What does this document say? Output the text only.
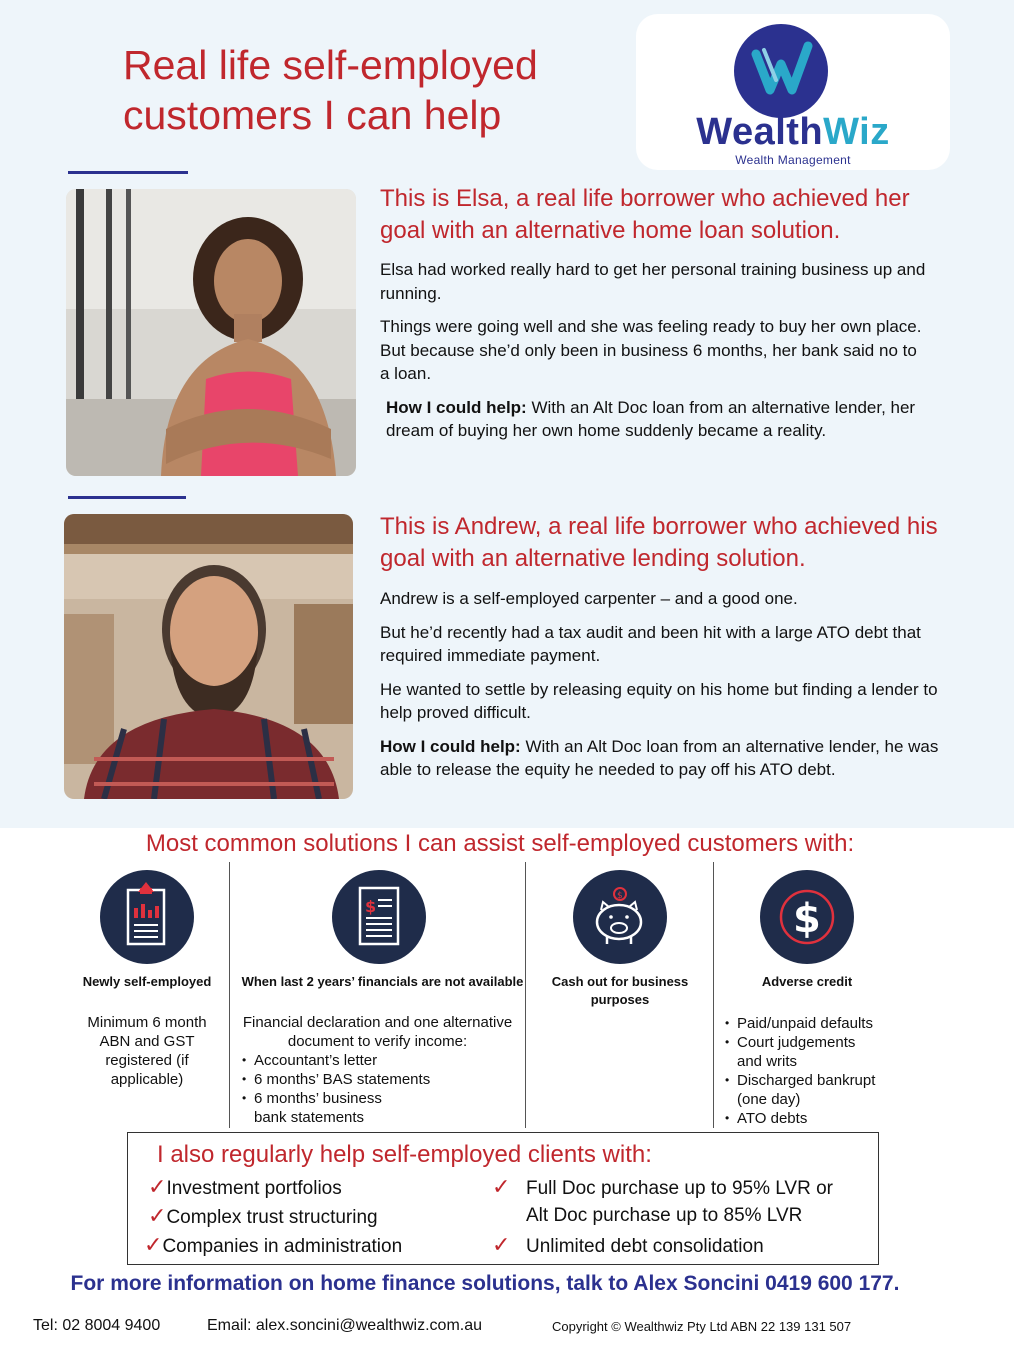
Real life self-employed
customers I can help	WealthWiz
Wealth Management
This is Elsa, a real life borrower who achieved her goal with an alternative home loan solution.

Elsa had worked really hard to get her personal training business up and running.

Things were going well and she was feeling ready to buy her own place. But because she’d only been in business 6 months, her bank said no to a loan.

How I could help: With an Alt Doc loan from an alternative lender, her dream of buying her own home suddenly became a reality.

This is Andrew, a real life borrower who achieved his goal with an alternative lending solution.

Andrew is a self-employed carpenter – and a good one.

But he’d recently had a tax audit and been hit with a large ATO debt that required immediate payment.

He wanted to settle by releasing equity on his home but finding a lender to help proved difficult.

How I could help: With an Alt Doc loan from an alternative lender, he was able to release the equity he needed to pay off his ATO debt.

Most common solutions I can assist self-employed customers with:
Newly self-employed
Minimum 6 month ABN and GST registered (if applicable)
$
When last 2 years’ financials are not available
Financial declaration and one alternative document to verify income:
• Accountant’s letter
• 6 months’ BAS statements
• 6 months’ business bank statements
$
Cash out for business purposes
$
Adverse credit
• Paid/unpaid defaults
• Court judgements and writs
• Discharged bankrupt (one day)
• ATO debts
I also regularly help self-employed clients with:
✓Investment portfolios
✓Complex trust structuring
✓Companies in administration
✓ Full Doc purchase up to 95% LVR or
Alt Doc purchase up to 85% LVR
✓ Unlimited debt consolidation
For more information on home finance solutions, talk to Alex Soncini 0419 600 177.
Tel: 02 8004 9400	Email: alex.soncini@wealthwiz.com.au	Copyright © Wealthwiz Pty Ltd ABN 22 139 131 507
